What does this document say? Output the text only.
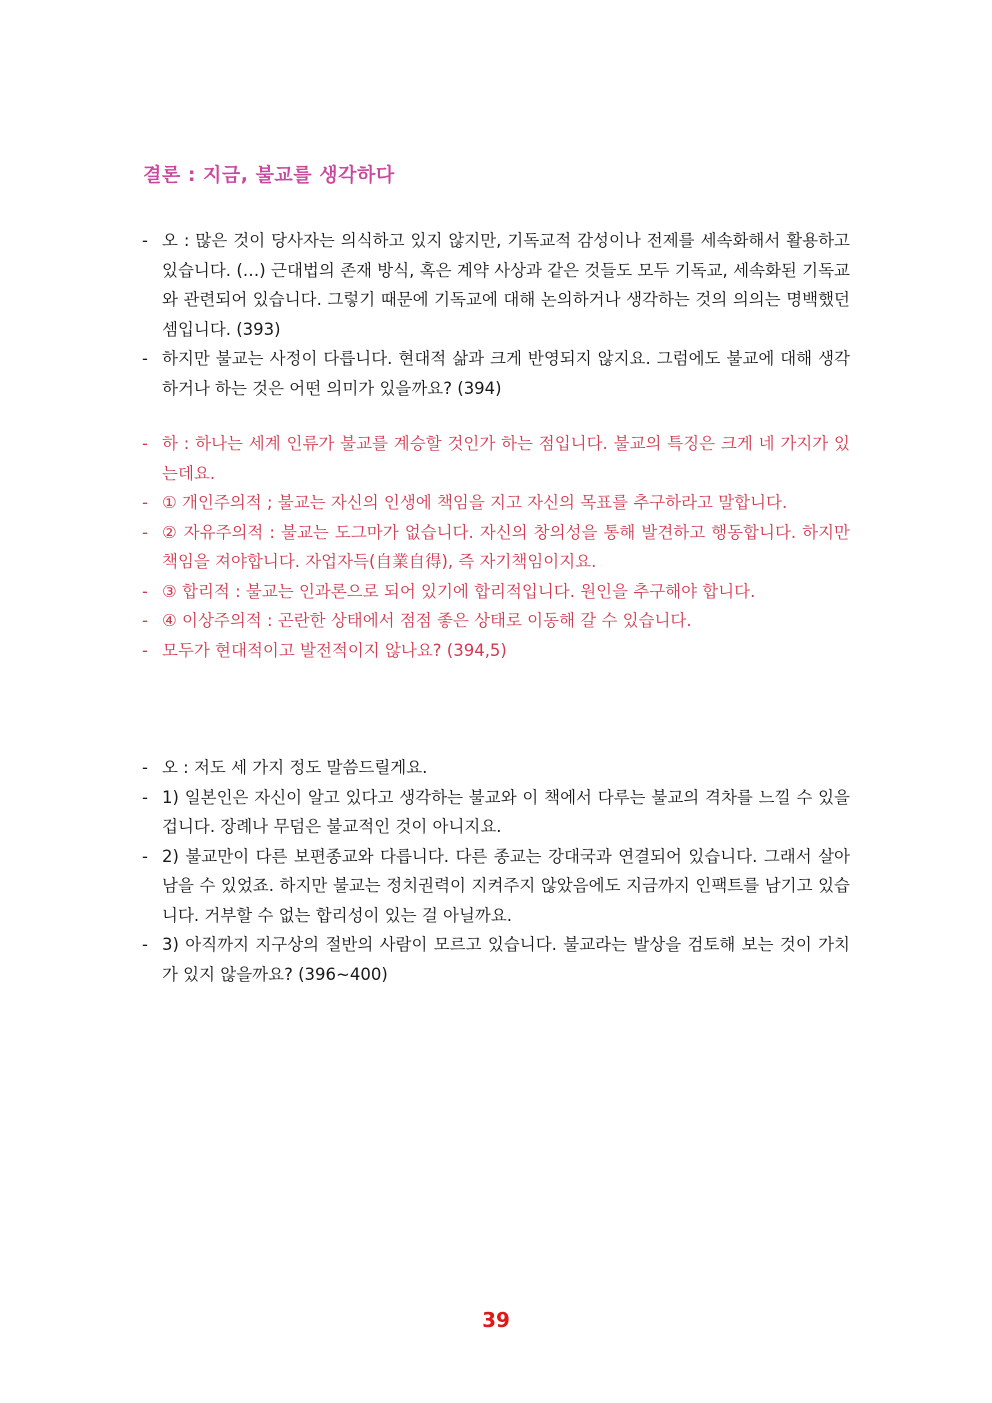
결론 : 지금, 불교를 생각하다
- 오 : 많은 것이 당사자는 의식하고 있지 않지만, 기독교적 감성이나 전제를 세속화해서 활용하고 있습니다. (…) 근대법의 존재 방식, 혹은 계약 사상과 같은 것들도 모두 기독교, 세속화된 기독교와 관련되어 있습니다. 그렇기 때문에 기독교에 대해 논의하거나 생각하는 것의 의의는 명백했던 셈입니다. (393)
- 하지만 불교는 사정이 다릅니다. 현대적 삶과 크게 반영되지 않지요. 그럼에도 불교에 대해 생각하거나 하는 것은 어떤 의미가 있을까요? (394)
- 하 : 하나는 세계 인류가 불교를 계승할 것인가 하는 점입니다. 불교의 특징은 크게 네 가지가 있는데요.
- ① 개인주의적 ; 불교는 자신의 인생에 책임을 지고 자신의 목표를 추구하라고 말합니다.
- ② 자유주의적 : 불교는 도그마가 없습니다. 자신의 창의성을 통해 발견하고 행동합니다. 하지만 책임을 져야합니다. 자업자득(自業自得), 즉 자기책임이지요.
- ③ 합리적 : 불교는 인과론으로 되어 있기에 합리적입니다. 원인을 추구해야 합니다.
- ④ 이상주의적 : 곤란한 상태에서 점점 좋은 상태로 이동해 갈 수 있습니다.
- 모두가 현대적이고 발전적이지 않나요? (394,5)
- 오 : 저도 세 가지 정도 말씀드릴게요.
- 1) 일본인은 자신이 알고 있다고 생각하는 불교와 이 책에서 다루는 불교의 격차를 느낄 수 있을 겁니다. 장례나 무덤은 불교적인 것이 아니지요.
- 2) 불교만이 다른 보편종교와 다릅니다. 다른 종교는 강대국과 연결되어 있습니다. 그래서 살아남을 수 있었죠. 하지만 불교는 정치권력이 지켜주지 않았음에도 지금까지 인팩트를 남기고 있습니다. 거부할 수 없는 합리성이 있는 걸 아닐까요.
- 3) 아직까지 지구상의 절반의 사람이 모르고 있습니다. 불교라는 발상을 검토해 보는 것이 가치가 있지 않을까요? (396~400)
39
